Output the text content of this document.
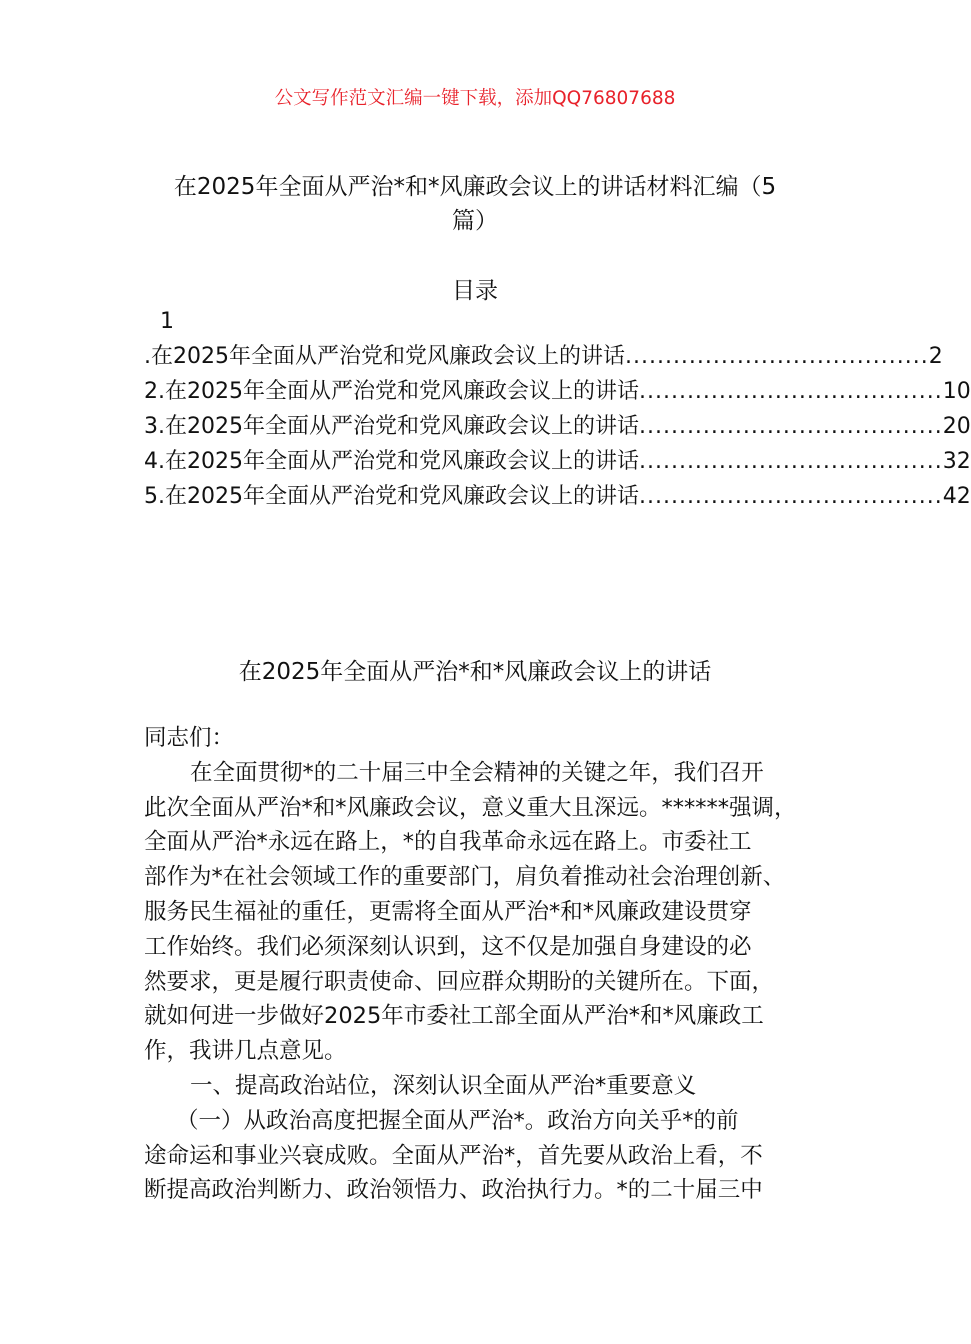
公文写作范文汇编一键下载，添加QQ76807688
在2025年全面从严治*和*风廉政会议上的讲话材料汇编（5
篇）
目录
1
.在2025年全面从严治党和党风廉政会议上的讲话 ...................................... 2
2.在2025年全面从严治党和党风廉政会议上的讲话 ...................................... 10
3.在2025年全面从严治党和党风廉政会议上的讲话 ...................................... 20
4.在2025年全面从严治党和党风廉政会议上的讲话 ...................................... 32
5.在2025年全面从严治党和党风廉政会议上的讲话 ...................................... 42
在2025年全面从严治*和*风廉政会议上的讲话
同志们：
在全面贯彻*的二十届三中全会精神的关键之年，我们召开
此次全面从严治*和*风廉政会议，意义重大且深远。******强调，
全面从严治*永远在路上，*的自我革命永远在路上。市委社工
部作为*在社会领域工作的重要部门，肩负着推动社会治理创新、
服务民生福祉的重任，更需将全面从严治*和*风廉政建设贯穿
工作始终。我们必须深刻认识到，这不仅是加强自身建设的必
然要求，更是履行职责使命、回应群众期盼的关键所在。下面，
就如何进一步做好2025年市委社工部全面从严治*和*风廉政工
作，我讲几点意见。
一、提高政治站位，深刻认识全面从严治*重要意义
（一）从政治高度把握全面从严治*。政治方向关乎*的前
途命运和事业兴衰成败。全面从严治*，首先要从政治上看，不
断提高政治判断力、政治领悟力、政治执行力。*的二十届三中
